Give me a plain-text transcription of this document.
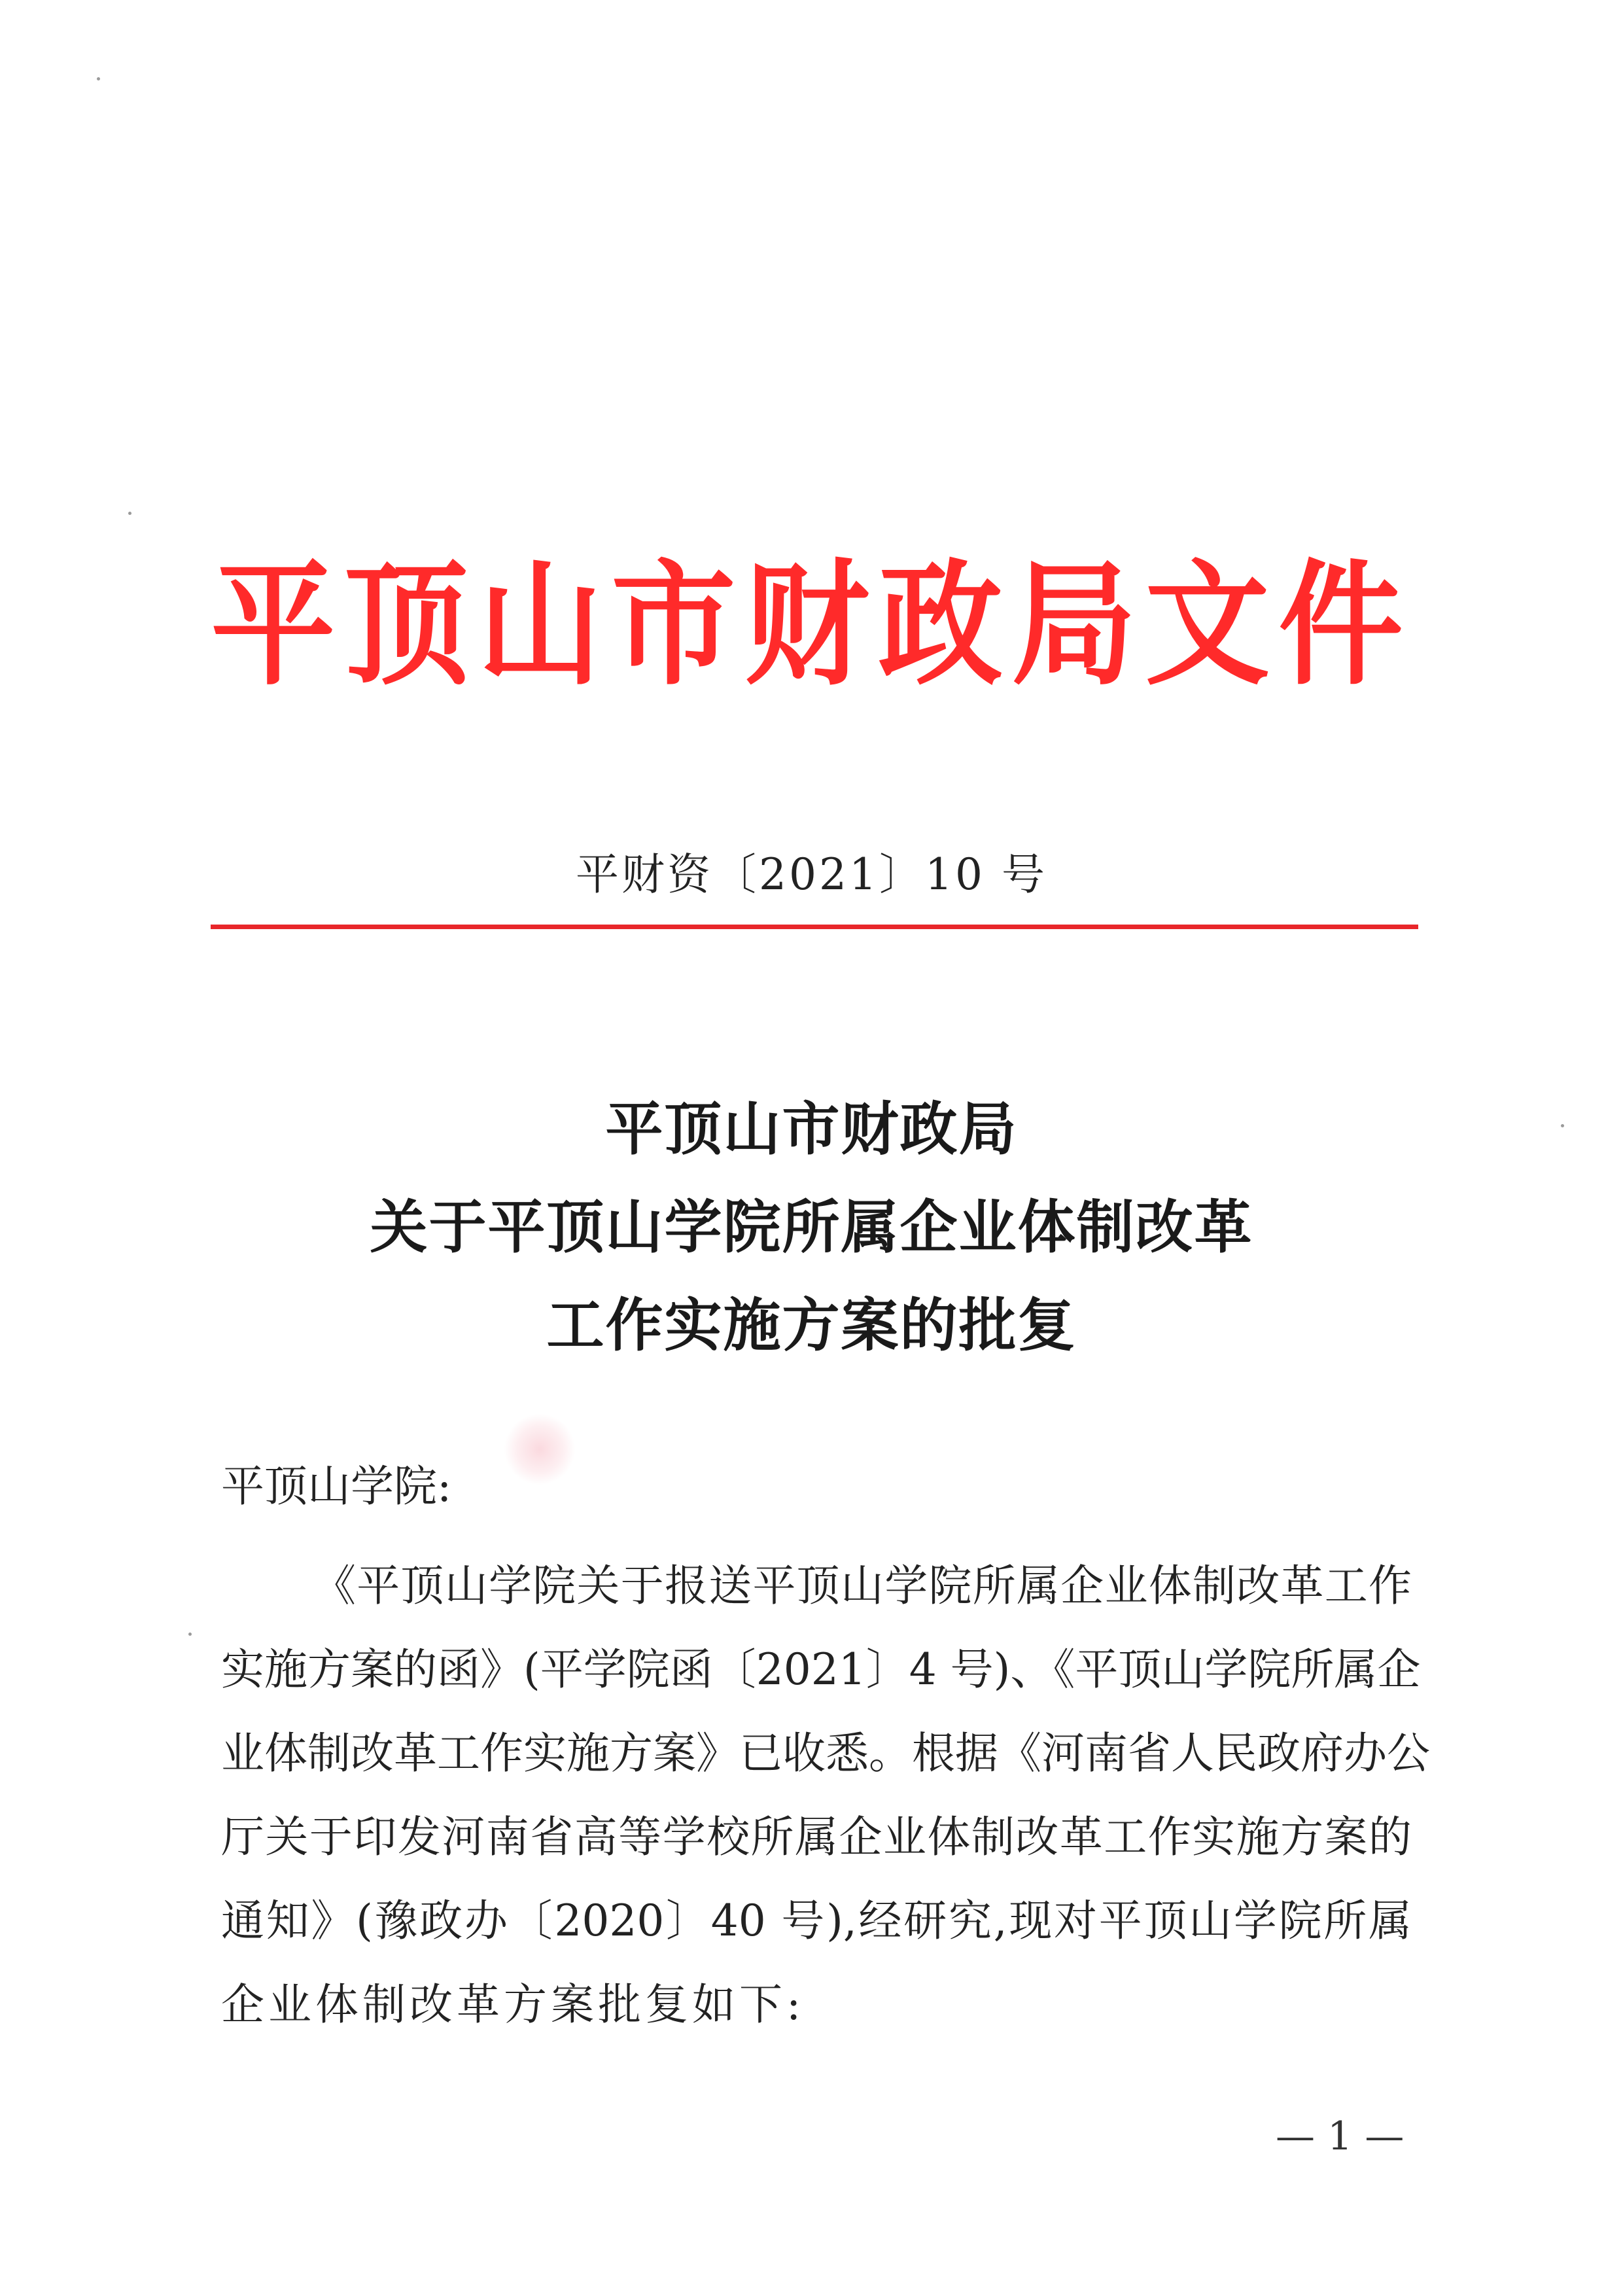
平顶山市财政局文件
平财资〔2021〕10 号
平顶山市财政局
关于平顶山学院所属企业体制改革
工作实施方案的批复
平顶山学院:
《平顶山学院关于报送平顶山学院所属企业体制改革工作
实施方案的函》(平学院函〔2021〕4 号)、《平顶山学院所属企
业体制改革工作实施方案》已收悉。根据《河南省人民政府办公
厅关于印发河南省高等学校所属企业体制改革工作实施方案的
通知》(豫政办〔2020〕40 号),经研究,现对平顶山学院所属
企业体制改革方案批复如下:
— 1 —
